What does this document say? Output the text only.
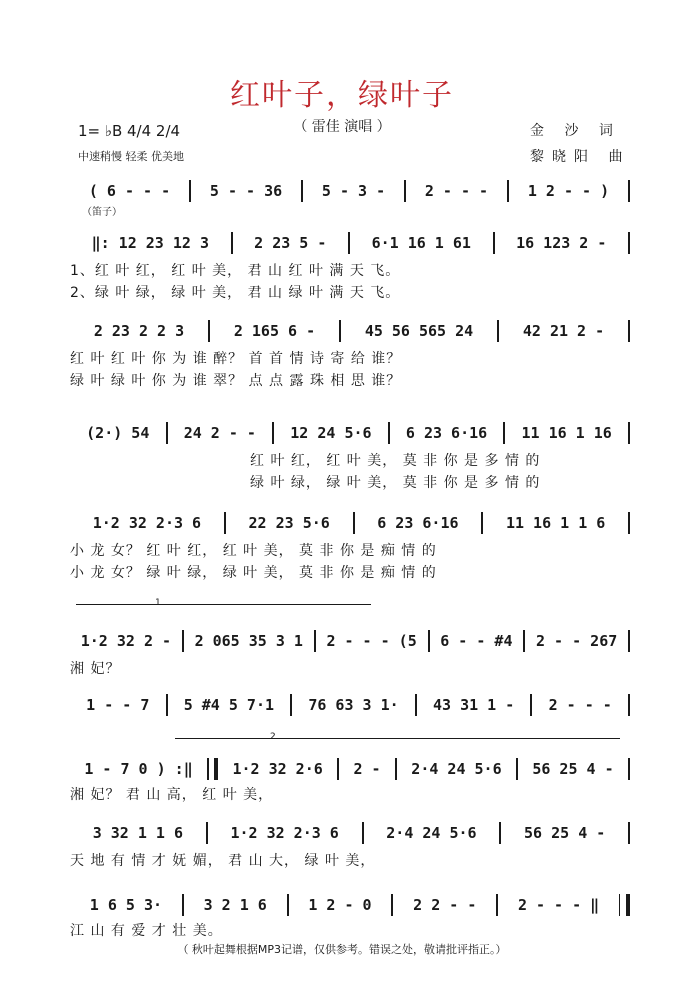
红叶子，绿叶子
（ 雷佳 演唱 ）
1= ♭B 4/4 2/4
中速稍慢 轻柔 优美地
金 沙 词
黎晓阳 曲
（笛子）
( 6 - - -	5 - - 36	5 - 3 -	2 - - -	1 2 - - )
‖: 12 23 12 3	2 23 5 -	6·1 16 1 61	16 123 2 -
1、红 叶 红， 红 叶 美， 君 山 红 叶 满 天 飞。
2、绿 叶 绿， 绿 叶 美， 君 山 绿 叶 满 天 飞。
2 23 2 2 3	2 165 6 -	45 56 565 24	42 21 2 -
红 叶 红 叶 你 为 谁 醉？ 首 首 情 诗 寄 给 谁？
绿 叶 绿 叶 你 为 谁 翠？ 点 点 露 珠 相 思 谁？
(2·) 54	24 2 - -	12 24 5·6	6 23 6·16	11 16 1 16
红 叶 红， 红 叶 美， 莫 非 你 是 多 情 的
绿 叶 绿， 绿 叶 美， 莫 非 你 是 多 情 的
1·2 32 2·3 6	22 23 5·6	6 23 6·16	11 16 1 1 6
小 龙 女？ 红 叶 红， 红 叶 美， 莫 非 你 是 痴 情 的
小 龙 女？ 绿 叶 绿， 绿 叶 美， 莫 非 你 是 痴 情 的
1
1·2 32 2 -	2 065 35 3 1	2 - - - (5	6 - - #4	2 - - 267
湘 妃？
1 - - 7	5 #4 5 7·1	76 63 3 1·	43 31 1 -	2 - - -
2
1 - 7 0 ) :‖	1·2 32 2·6	2 -	2·4 24 5·6	56 25 4 -
湘 妃？ 君 山 高， 红 叶 美，
3 32 1 1 6	1·2 32 2·3 6	2·4 24 5·6	56 25 4 -
天 地 有 情 才 妩 媚， 君 山 大， 绿 叶 美，
1 6 5 3·	3 2 1 6	1 2 - 0	2 2 - -	2 - - - ‖
江 山 有 爱 才 壮 美。
（ 秋叶起舞根据MP3记谱，仅供参考。错误之处，敬请批评指正。）
